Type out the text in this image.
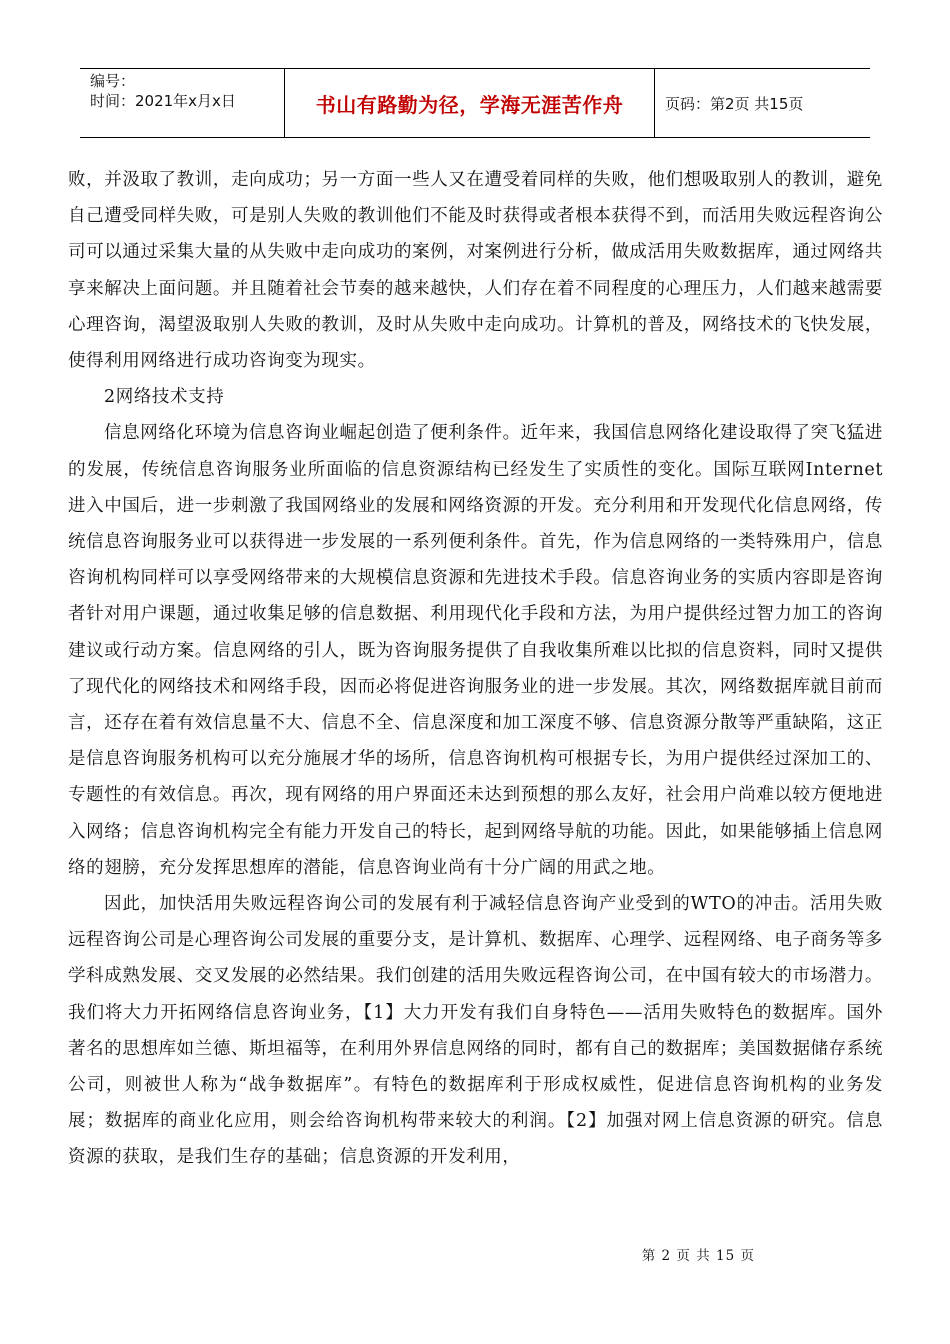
编号：
时间：2021年x月x日	书山有路勤为径，学海无涯苦作舟	页码：第2页 共15页

败，并汲取了教训，走向成功；另一方面一些人又在遭受着同样的失败，他们想吸取别人的教训，避免自己遭受同样失败，可是别人失败的教训他们不能及时获得或者根本获得不到，而活用失败远程咨询公司可以通过采集大量的从失败中走向成功的案例，对案例进行分析，做成活用失败数据库，通过网络共享来解决上面问题。并且随着社会节奏的越来越快，人们存在着不同程度的心理压力，人们越来越需要心理咨询，渴望汲取别人失败的教训，及时从失败中走向成功。计算机的普及，网络技术的飞快发展，使得利用网络进行成功咨询变为现实。

2网络技术支持

信息网络化环境为信息咨询业崛起创造了便利条件。近年来，我国信息网络化建设取得了突飞猛进的发展，传统信息咨询服务业所面临的信息资源结构已经发生了实质性的变化。国际互联网Internet进入中国后，进一步刺激了我国网络业的发展和网络资源的开发。充分利用和开发现代化信息网络，传统信息咨询服务业可以获得进一步发展的一系列便利条件。首先，作为信息网络的一类特殊用户，信息咨询机构同样可以享受网络带来的大规模信息资源和先进技术手段。信息咨询业务的实质内容即是咨询者针对用户课题，通过收集足够的信息数据、利用现代化手段和方法，为用户提供经过智力加工的咨询建议或行动方案。信息网络的引人，既为咨询服务提供了自我收集所难以比拟的信息资料，同时又提供了现代化的网络技术和网络手段，因而必将促进咨询服务业的进一步发展。其次，网络数据库就目前而言，还存在着有效信息量不大、信息不全、信息深度和加工深度不够、信息资源分散等严重缺陷，这正是信息咨询服务机构可以充分施展才华的场所，信息咨询机构可根据专长，为用户提供经过深加工的、专题性的有效信息。再次，现有网络的用户界面还未达到预想的那么友好，社会用户尚难以较方便地进入网络；信息咨询机构完全有能力开发自己的特长，起到网络导航的功能。因此，如果能够插上信息网络的翅膀，充分发挥思想库的潜能，信息咨询业尚有十分广阔的用武之地。

因此，加快活用失败远程咨询公司的发展有利于减轻信息咨询产业受到的WTO的冲击。活用失败远程咨询公司是心理咨询公司发展的重要分支，是计算机、数据库、心理学、远程网络、电子商务等多学科成熟发展、交叉发展的必然结果。我们创建的活用失败远程咨询公司，在中国有较大的市场潜力。我们将大力开拓网络信息咨询业务，【1】大力开发有我们自身特色——活用失败特色的数据库。国外著名的思想库如兰德、斯坦福等，在利用外界信息网络的同时，都有自己的数据库；美国数据储存系统公司，则被世人称为“战争数据库”。有特色的数据库利于形成权威性，促进信息咨询机构的业务发展；数据库的商业化应用，则会给咨询机构带来较大的利润。【2】加强对网上信息资源的研究。信息资源的获取，是我们生存的基础；信息资源的开发利用，

第 2 页 共 15 页
